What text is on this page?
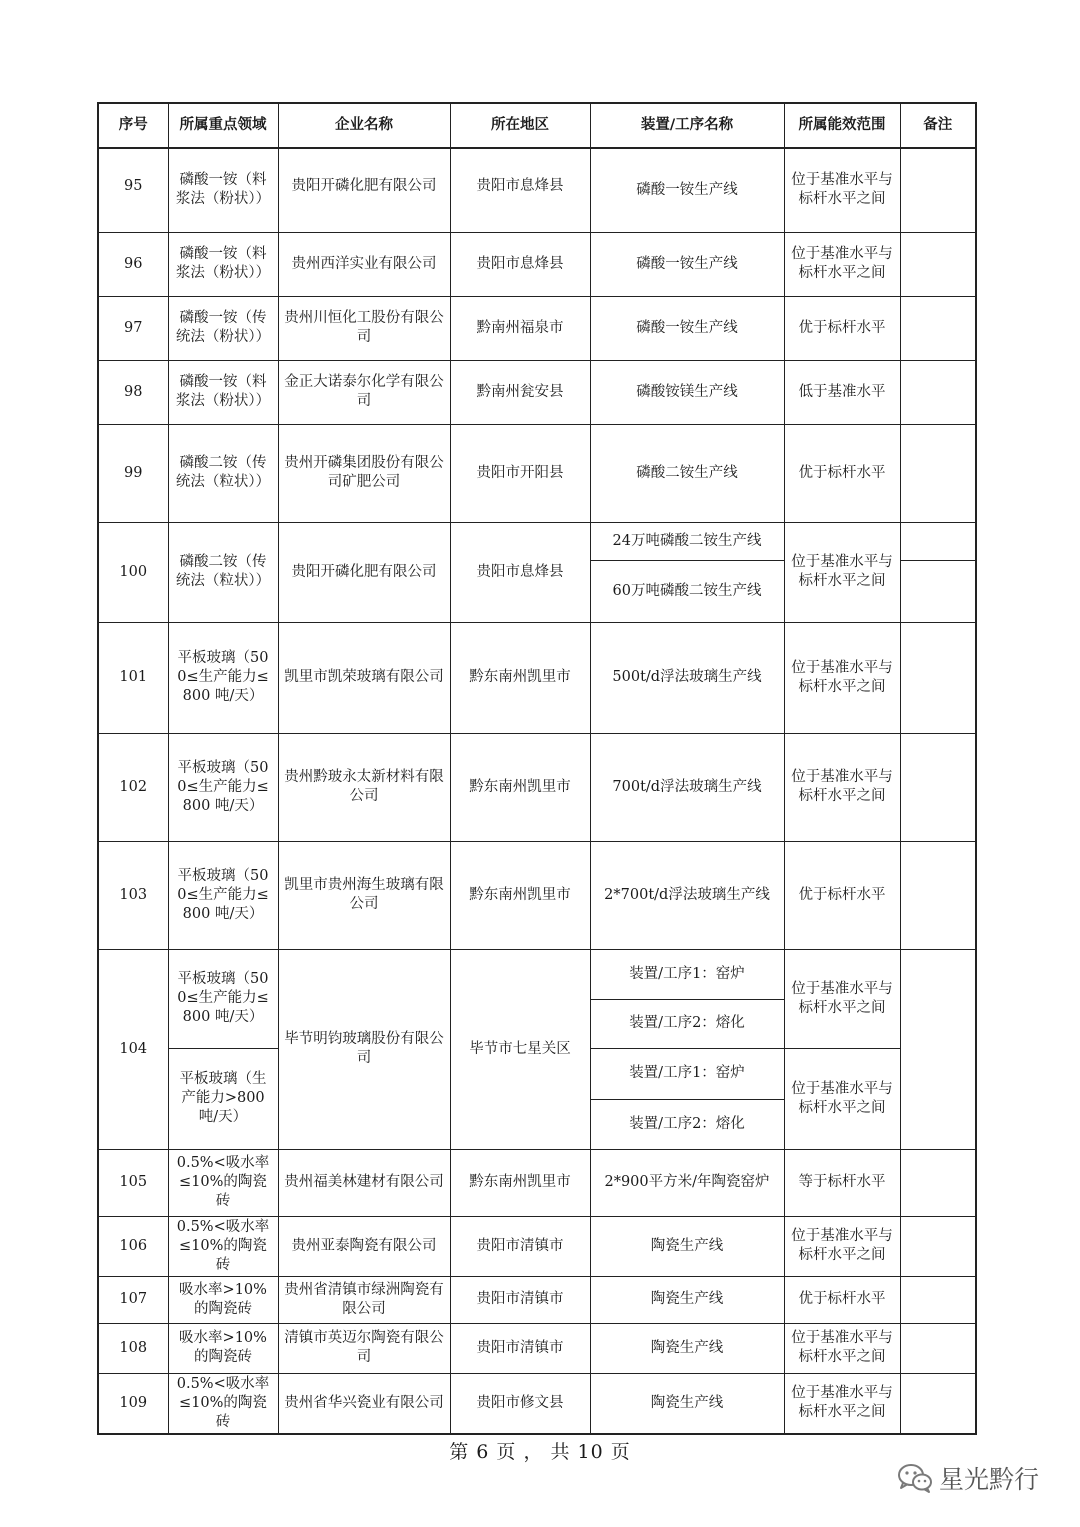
序号	所属重点领域	企业名称	所在地区	装置/工序名称	所属能效范围	备注

95	磷酸一铵（料浆法（粉状））	贵阳开磷化肥有限公司	贵阳市息烽县	磷酸一铵生产线	位于基准水平与标杆水平之间	
96	磷酸一铵（料浆法（粉状））	贵州西洋实业有限公司	贵阳市息烽县	磷酸一铵生产线	位于基准水平与标杆水平之间	
97	磷酸一铵（传统法（粉状））	贵州川恒化工股份有限公司	黔南州福泉市	磷酸一铵生产线	优于标杆水平	
98	磷酸一铵（料浆法（粉状））	金正大诺泰尔化学有限公司	黔南州瓮安县	磷酸铵镁生产线	低于基准水平	
99	磷酸二铵（传统法（粒状））	贵州开磷集团股份有限公司矿肥公司	贵阳市开阳县	磷酸二铵生产线	优于标杆水平	
100	磷酸二铵（传统法（粒状））	贵阳开磷化肥有限公司	贵阳市息烽县	24万吨磷酸二铵生产线	位于基准水平与标杆水平之间	
				60万吨磷酸二铵生产线		
101	平板玻璃（500≤生产能力≤800 吨/天）	凯里市凯荣玻璃有限公司	黔东南州凯里市	500t/d浮法玻璃生产线	位于基准水平与标杆水平之间	
102	平板玻璃（500≤生产能力≤800 吨/天）	贵州黔玻永太新材料有限公司	黔东南州凯里市	700t/d浮法玻璃生产线	位于基准水平与标杆水平之间	
103	平板玻璃（500≤生产能力≤800 吨/天）	凯里市贵州海生玻璃有限公司	黔东南州凯里市	2*700t/d浮法玻璃生产线	优于标杆水平	
104	平板玻璃（500≤生产能力≤800 吨/天）	毕节明钧玻璃股份有限公司	毕节市七星关区	装置/工序1：窑炉	位于基准水平与标杆水平之间	
				装置/工序2：熔化		
	平板玻璃（生产能力>800吨/天）			装置/工序1：窑炉	位于基准水平与标杆水平之间	
				装置/工序2：熔化		
105	0.5%<吸水率≤10%的陶瓷砖	贵州福美林建材有限公司	黔东南州凯里市	2*900平方米/年陶瓷窑炉	等于标杆水平	
106	0.5%<吸水率≤10%的陶瓷砖	贵州亚泰陶瓷有限公司	贵阳市清镇市	陶瓷生产线	位于基准水平与标杆水平之间	
107	吸水率>10%的陶瓷砖	贵州省清镇市绿洲陶瓷有限公司	贵阳市清镇市	陶瓷生产线	优于标杆水平	
108	吸水率>10%的陶瓷砖	清镇市英迈尔陶瓷有限公司	贵阳市清镇市	陶瓷生产线	位于基准水平与标杆水平之间	
109	0.5%<吸水率≤10%的陶瓷砖	贵州省华兴瓷业有限公司	贵阳市修文县	陶瓷生产线	位于基准水平与标杆水平之间	
第 6 页 ， 共 10 页
星光黔行
